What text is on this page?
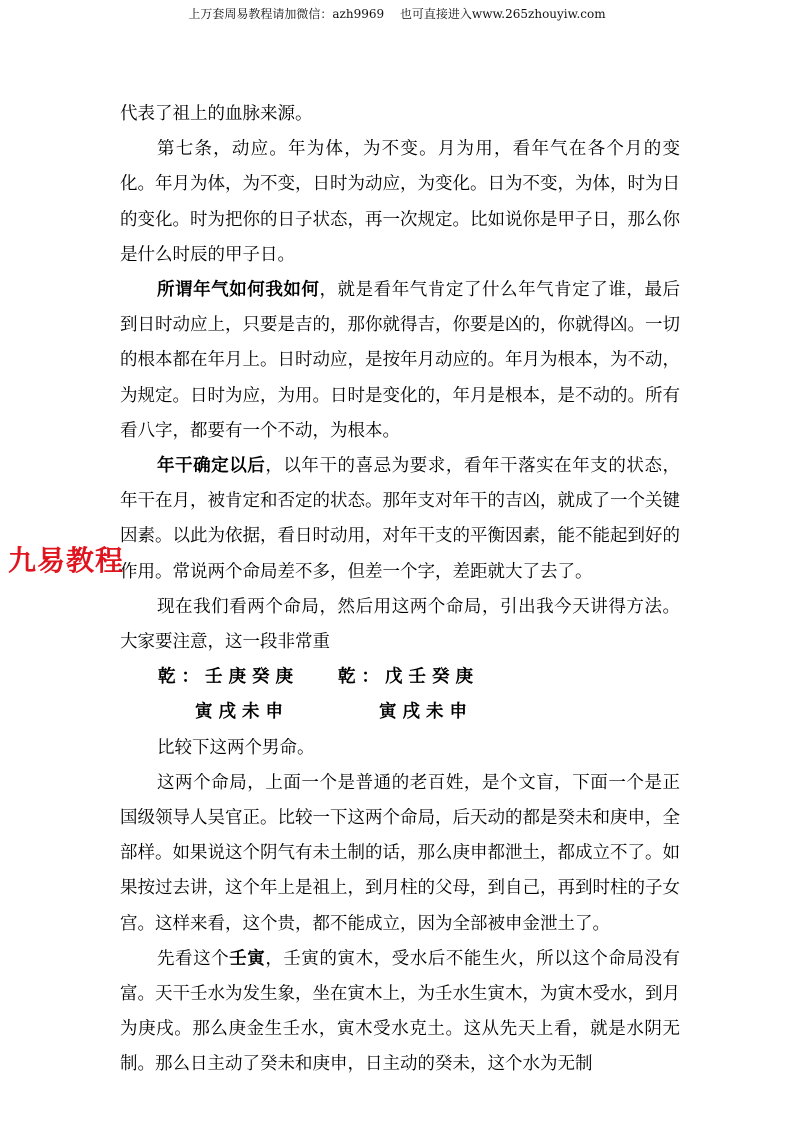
上万套周易教程请加微信：azh9969　 也可直接进入www.265zhouyiw.com
九易教程

代表了祖上的血脉来源。

第七条，动应。年为体，为不变。月为用，看年气在各个月的变化。年月为体，为不变，日时为动应，为变化。日为不变，为体，时为日的变化。时为把你的日子状态，再一次规定。比如说你是甲子日，那么你是什么时辰的甲子日。

所谓年气如何我如何，就是看年气肯定了什么年气肯定了谁，最后到日时动应上，只要是吉的，那你就得吉，你要是凶的，你就得凶。一切的根本都在年月上。日时动应，是按年月动应的。年月为根本，为不动，为规定。日时为应，为用。日时是变化的，年月是根本，是不动的。所有看八字，都要有一个不动，为根本。

年干确定以后，以年干的喜忌为要求，看年干落实在年支的状态，年干在月，被肯定和否定的状态。那年支对年干的吉凶，就成了一个关键因素。以此为依据，看日时动用，对年干支的平衡因素，能不能起到好的作用。常说两个命局差不多，但差一个字，差距就大了去了。

现在我们看两个命局，然后用这两个命局，引出我今天讲得方法。大家要注意，这一段非常重

乾：壬庚癸庚	乾：戊壬癸庚
寅戌未申	寅戌未申

比较下这两个男命。

这两个命局，上面一个是普通的老百姓，是个文盲，下面一个是正国级领导人吴官正。比较一下这两个命局，后天动的都是癸未和庚申，全部样。如果说这个阴气有未土制的话，那么庚申都泄土，都成立不了。如果按过去讲，这个年上是祖上，到月柱的父母，到自己，再到时柱的子女宫。这样来看，这个贵，都不能成立，因为全部被申金泄土了。

先看这个壬寅，壬寅的寅木，受水后不能生火，所以这个命局没有富。天干壬水为发生象，坐在寅木上，为壬水生寅木，为寅木受水，到月为庚戌。那么庚金生壬水，寅木受水克土。这从先天上看，就是水阴无制。那么日主动了癸未和庚申，日主动的癸未，这个水为无制
